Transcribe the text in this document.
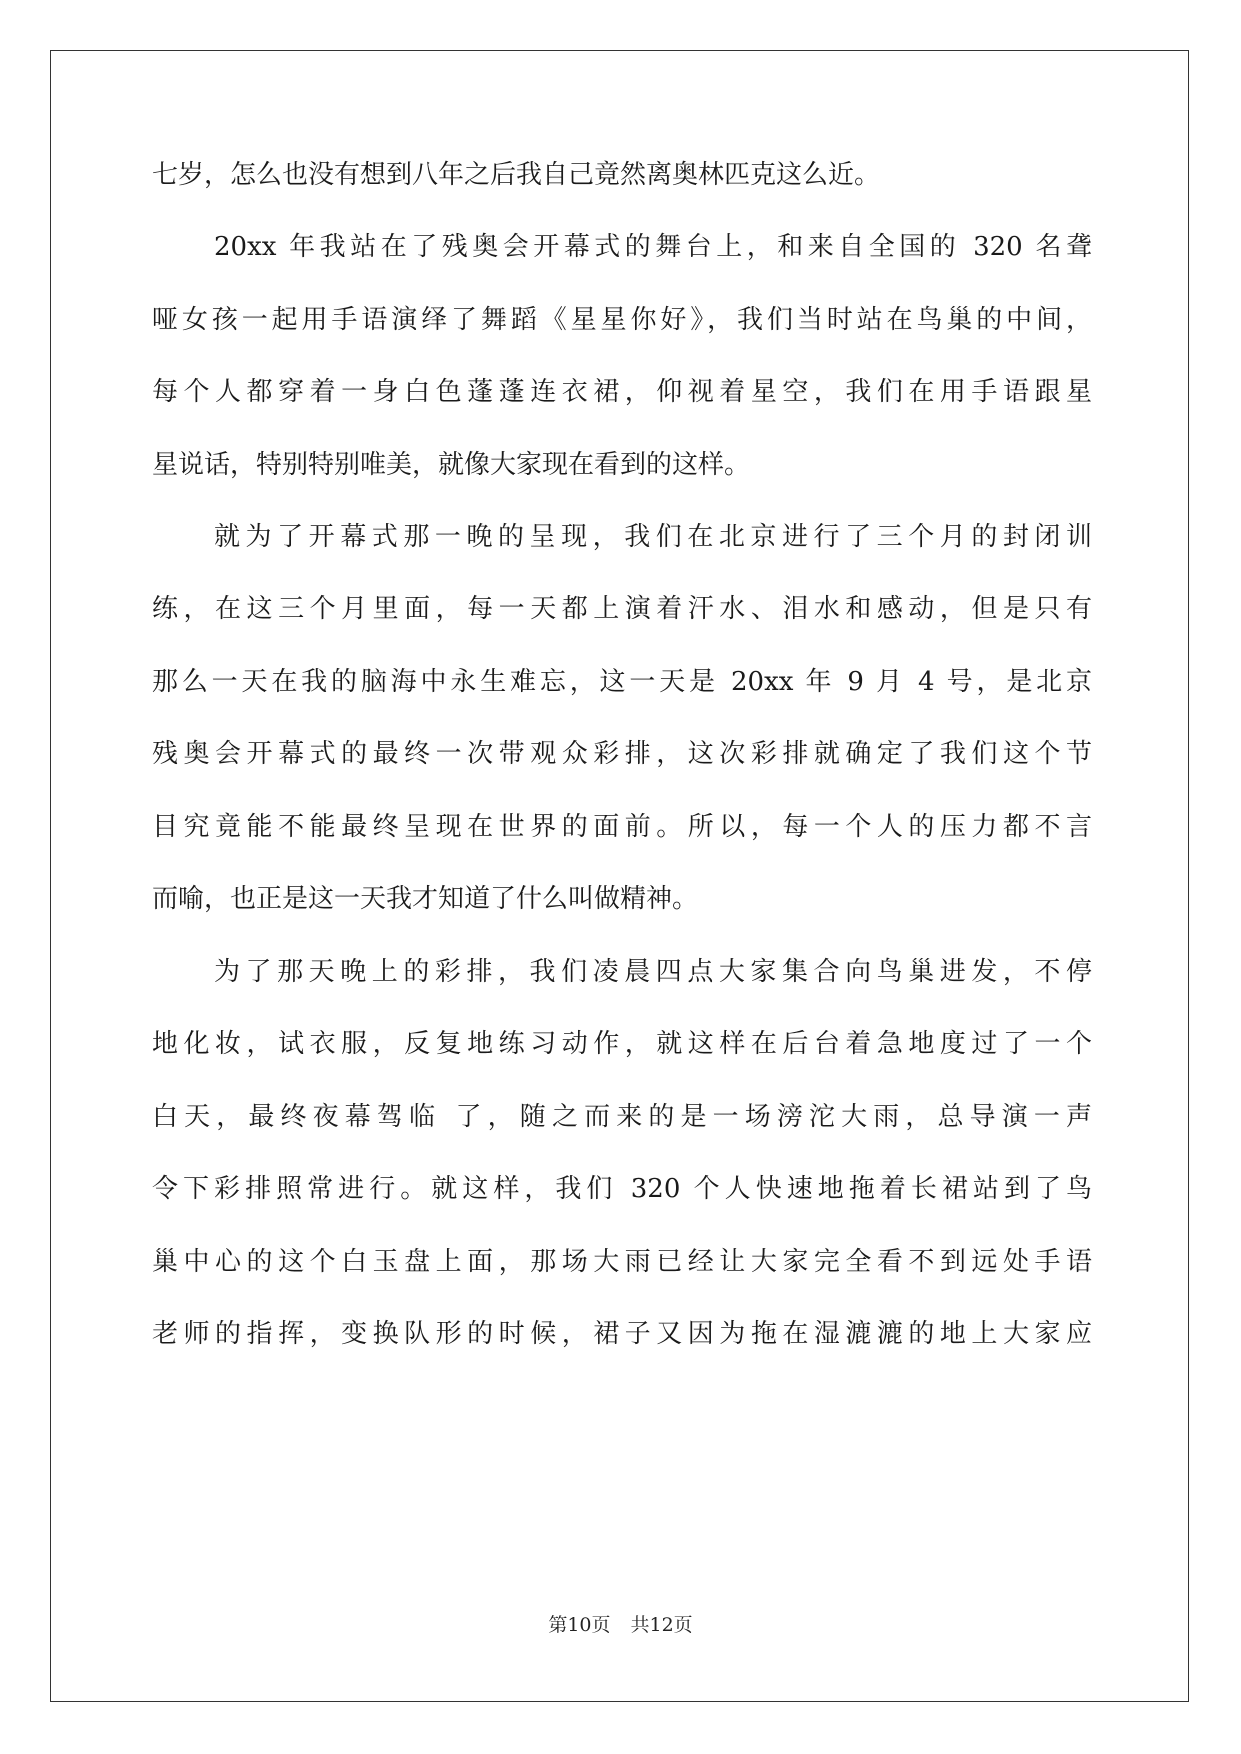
七岁，怎么也没有想到八年之后我自己竟然离奥林匹克这么近。
20xx 年我站在了残奥会开幕式的舞台上，和来自全国的 320 名聋
哑女孩一起用手语演绎了舞蹈《星星你好》，我们当时站在鸟巢的中间，
每个人都穿着一身白色蓬蓬连衣裙，仰视着星空，我们在用手语跟星
星说话，特别特别唯美，就像大家现在看到的这样。
就为了开幕式那一晚的呈现，我们在北京进行了三个月的封闭训
练，在这三个月里面，每一天都上演着汗水、泪水和感动，但是只有
那么一天在我的脑海中永生难忘，这一天是 20xx 年 9 月 4 号，是北京
残奥会开幕式的最终一次带观众彩排，这次彩排就确定了我们这个节
目究竟能不能最终呈现在世界的面前。所以，每一个人的压力都不言
而喻，也正是这一天我才知道了什么叫做精神。
为了那天晚上的彩排，我们凌晨四点大家集合向鸟巢进发，不停
地化妆，试衣服，反复地练习动作，就这样在后台着急地度过了一个
白天，最终夜幕驾临 了，随之而来的是一场滂沱大雨，总导演一声
令下彩排照常进行。就这样，我们 320 个人快速地拖着长裙站到了鸟
巢中心的这个白玉盘上面，那场大雨已经让大家完全看不到远处手语
老师的指挥，变换队形的时候，裙子又因为拖在湿漉漉的地上大家应
第10页 共12页
